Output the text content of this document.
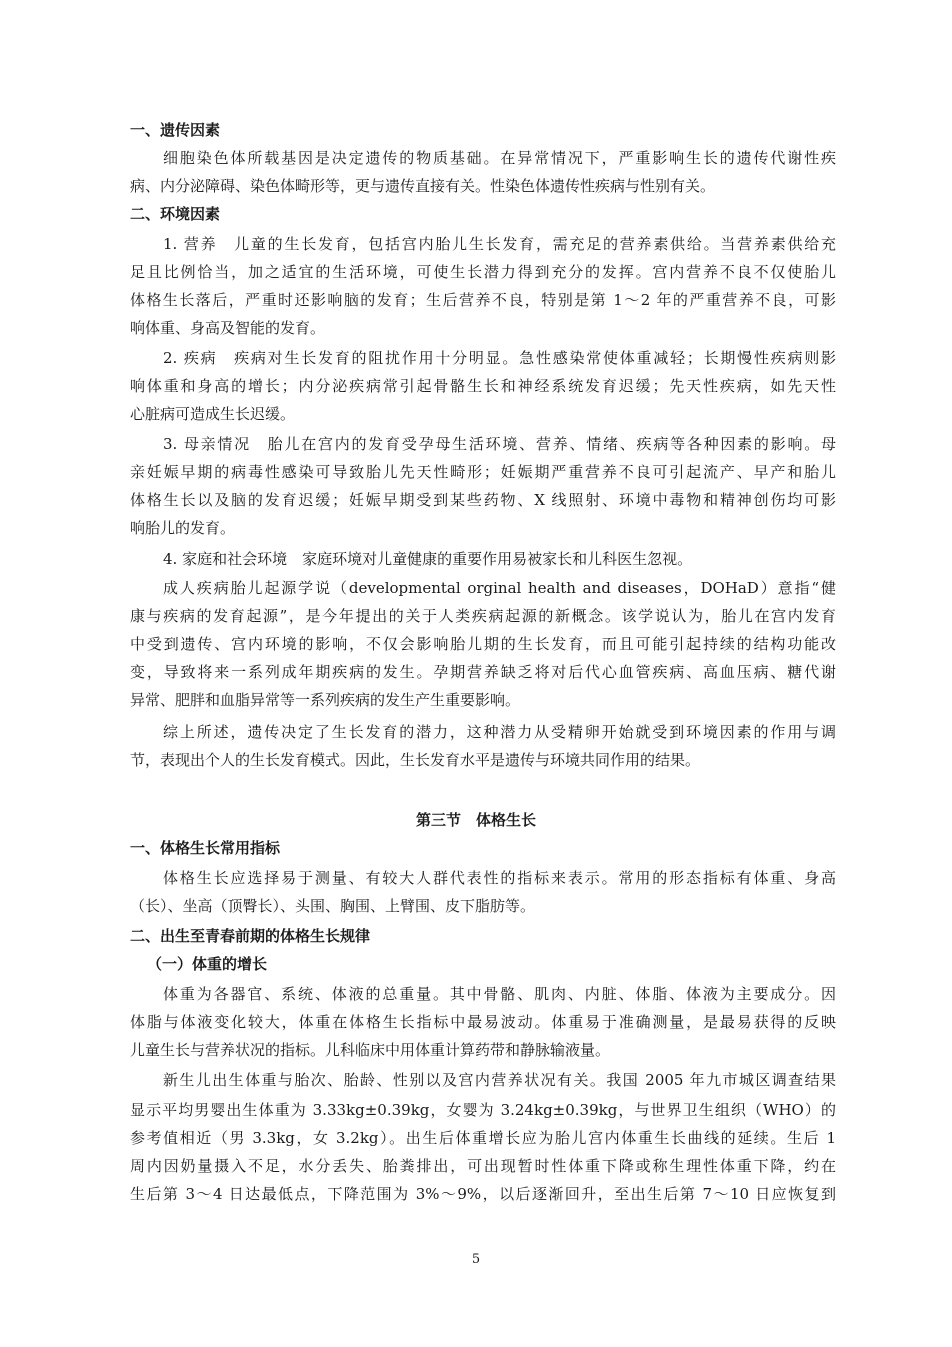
一、遗传因素
细胞染色体所载基因是决定遗传的物质基础。在异常情况下，严重影响生长的遗传代谢性疾
病、内分泌障碍、染色体畸形等，更与遗传直接有关。性染色体遗传性疾病与性别有关。
二、环境因素
1. 营养　儿童的生长发育，包括宫内胎儿生长发育，需充足的营养素供给。当营养素供给充
足且比例恰当，加之适宜的生活环境，可使生长潜力得到充分的发挥。宫内营养不良不仅使胎儿
体格生长落后，严重时还影响脑的发育；生后营养不良，特别是第 1～2 年的严重营养不良，可影
响体重、身高及智能的发育。
2. 疾病　疾病对生长发育的阻扰作用十分明显。急性感染常使体重减轻；长期慢性疾病则影
响体重和身高的增长；内分泌疾病常引起骨骼生长和神经系统发育迟缓；先天性疾病，如先天性
心脏病可造成生长迟缓。
3. 母亲情况　胎儿在宫内的发育受孕母生活环境、营养、情绪、疾病等各种因素的影响。母
亲妊娠早期的病毒性感染可导致胎儿先天性畸形；妊娠期严重营养不良可引起流产、早产和胎儿
体格生长以及脑的发育迟缓；妊娠早期受到某些药物、X 线照射、环境中毒物和精神创伤均可影
响胎儿的发育。
4. 家庭和社会环境　家庭环境对儿童健康的重要作用易被家长和儿科医生忽视。
成人疾病胎儿起源学说（developmental orginal health and diseases，DOHaD）意指“健
康与疾病的发育起源”，是今年提出的关于人类疾病起源的新概念。该学说认为，胎儿在宫内发育
中受到遗传、宫内环境的影响，不仅会影响胎儿期的生长发育，而且可能引起持续的结构功能改
变，导致将来一系列成年期疾病的发生。孕期营养缺乏将对后代心血管疾病、高血压病、糖代谢
异常、肥胖和血脂异常等一系列疾病的发生产生重要影响。
综上所述，遗传决定了生长发育的潜力，这种潜力从受精卵开始就受到环境因素的作用与调
节，表现出个人的生长发育模式。因此，生长发育水平是遗传与环境共同作用的结果。
第三节　体格生长
一、体格生长常用指标
体格生长应选择易于测量、有较大人群代表性的指标来表示。常用的形态指标有体重、身高
（长）、坐高（顶臀长）、头围、胸围、上臂围、皮下脂肪等。
二、出生至青春前期的体格生长规律
（一）体重的增长
体重为各器官、系统、体液的总重量。其中骨骼、肌肉、内脏、体脂、体液为主要成分。因
体脂与体液变化较大，体重在体格生长指标中最易波动。体重易于准确测量，是最易获得的反映
儿童生长与营养状况的指标。儿科临床中用体重计算药带和静脉输液量。
新生儿出生体重与胎次、胎龄、性别以及宫内营养状况有关。我国 2005 年九市城区调查结果
显示平均男婴出生体重为 3.33kg±0.39kg，女婴为 3.24kg±0.39kg，与世界卫生组织（WHO）的
参考值相近（男 3.3kg，女 3.2kg）。出生后体重增长应为胎儿宫内体重生长曲线的延续。生后 1
周内因奶量摄入不足，水分丢失、胎粪排出，可出现暂时性体重下降或称生理性体重下降，约在
生后第 3～4 日达最低点，下降范围为 3%～9%，以后逐渐回升，至出生后第 7～10 日应恢复到
5
